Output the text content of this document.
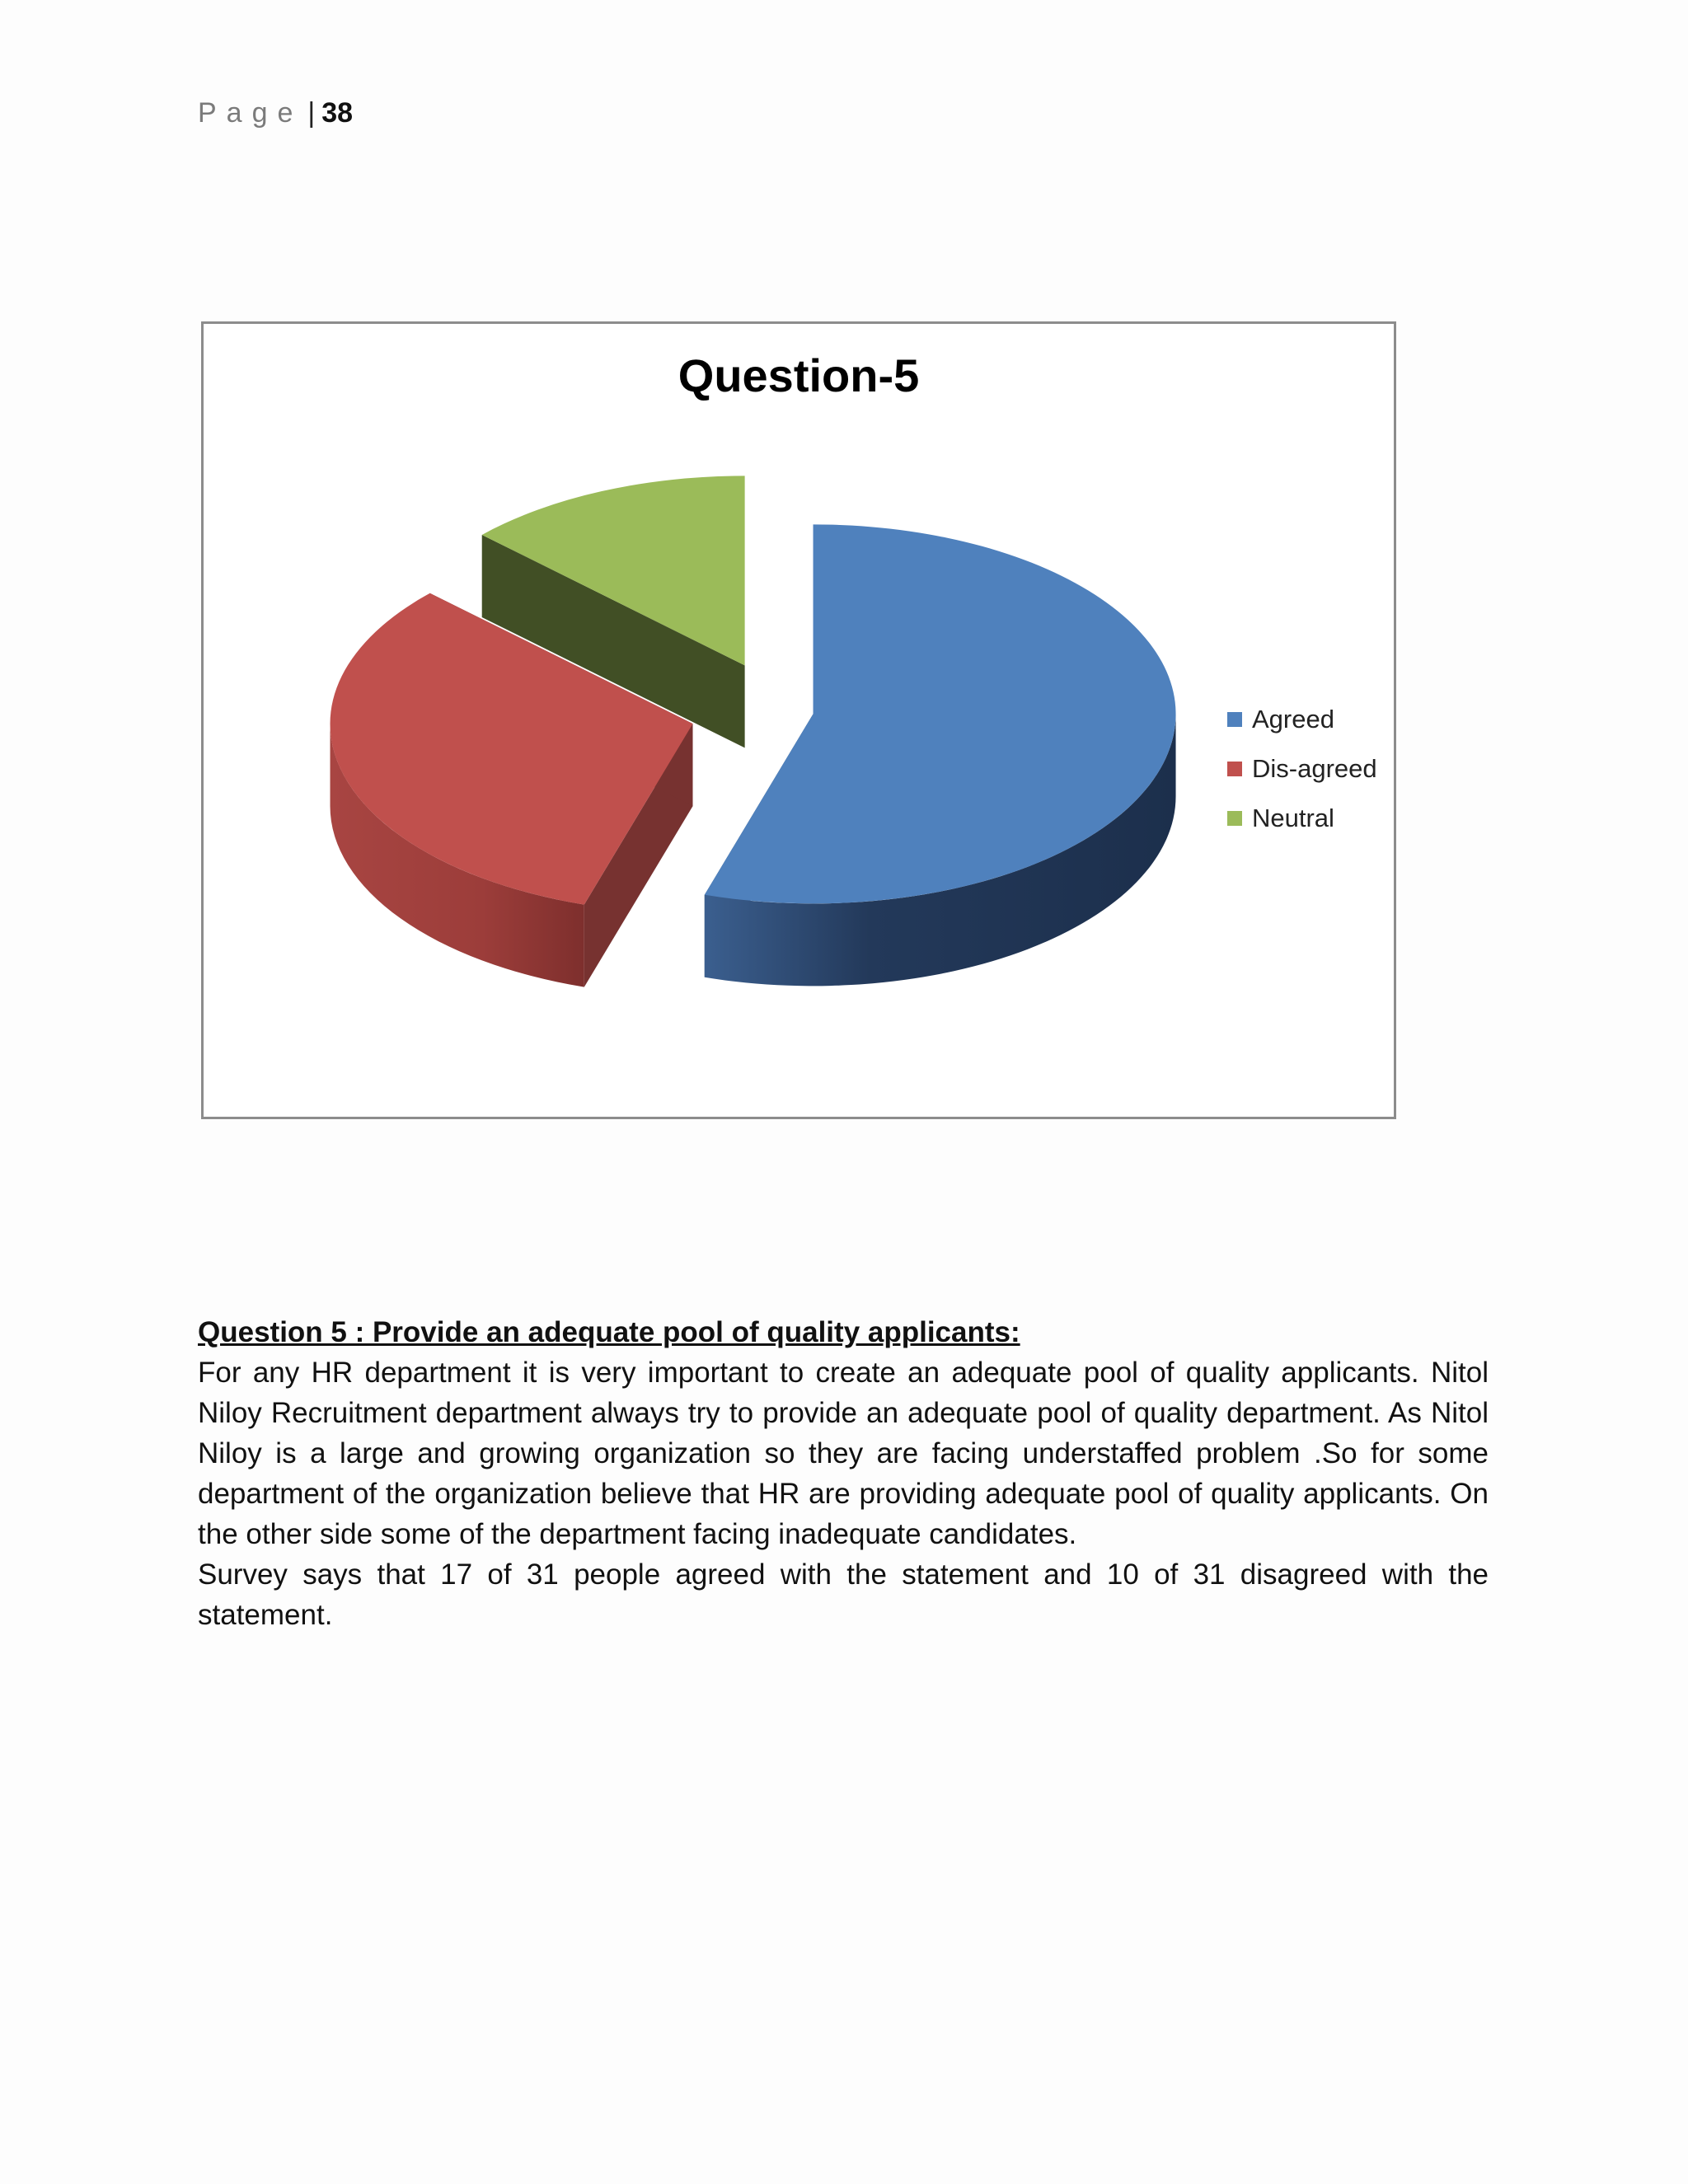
Page | 38
Question-5
Agreed
Dis-agreed
Neutral
Question 5 : Provide an adequate pool of quality applicants:

For any HR department it is very important to create an adequate pool of quality applicants. Nitol Niloy Recruitment department always try to provide an adequate pool of quality department. As Nitol Niloy is a large and growing organization so they are facing understaffed problem .So for some department of the organization believe that HR are providing adequate pool of quality applicants. On the other side some of the department facing inadequate candidates.

Survey says that 17 of 31 people agreed with the statement and 10 of 31 disagreed with the statement.
